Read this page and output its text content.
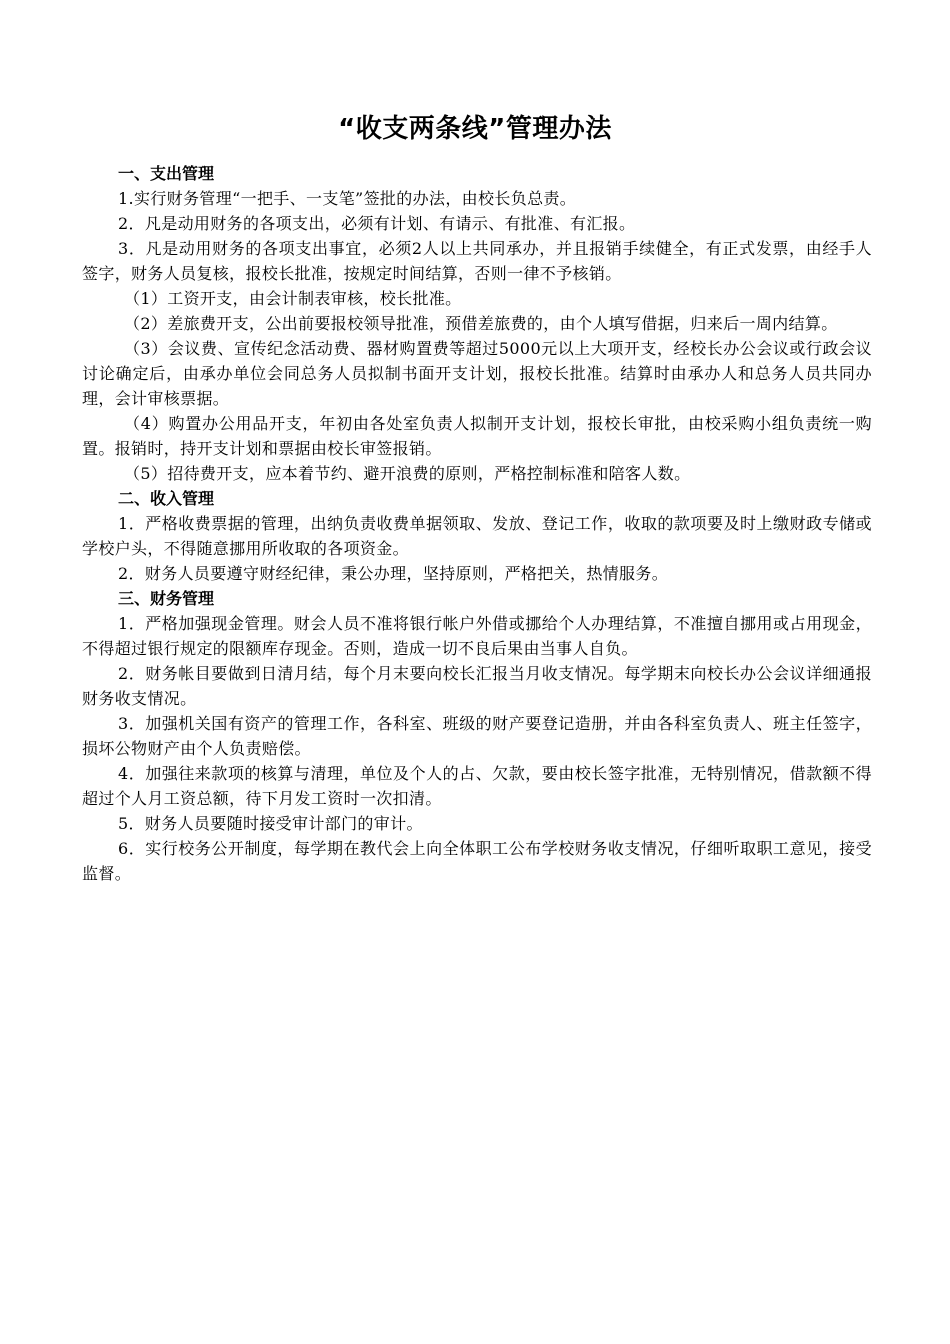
“收支两条线”管理办法

一、支出管理

1.实行财务管理“一把手、一支笔”签批的办法，由校长负总责。

2．凡是动用财务的各项支出，必须有计划、有请示、有批准、有汇报。

3．凡是动用财务的各项支出事宜，必须2人以上共同承办，并且报销手续健全，有正式发票，由经手人签字，财务人员复核，报校长批准，按规定时间结算，否则一律不予核销。

（1）工资开支，由会计制表审核，校长批准。

（2）差旅费开支，公出前要报校领导批准，预借差旅费的，由个人填写借据，归来后一周内结算。

（3）会议费、宣传纪念活动费、器材购置费等超过5000元以上大项开支，经校长办公会议或行政会议讨论确定后，由承办单位会同总务人员拟制书面开支计划，报校长批准。结算时由承办人和总务人员共同办理，会计审核票据。

（4）购置办公用品开支，年初由各处室负责人拟制开支计划，报校长审批，由校采购小组负责统一购置。报销时，持开支计划和票据由校长审签报销。

（5）招待费开支，应本着节约、避开浪费的原则，严格控制标准和陪客人数。

二、收入管理

1．严格收费票据的管理，出纳负责收费单据领取、发放、登记工作，收取的款项要及时上缴财政专储或学校户头，不得随意挪用所收取的各项资金。

2．财务人员要遵守财经纪律，秉公办理，坚持原则，严格把关，热情服务。

三、财务管理

1．严格加强现金管理。财会人员不准将银行帐户外借或挪给个人办理结算，不准擅自挪用或占用现金，不得超过银行规定的限额库存现金。否则，造成一切不良后果由当事人自负。

2．财务帐目要做到日清月结，每个月末要向校长汇报当月收支情况。每学期末向校长办公会议详细通报财务收支情况。

3．加强机关国有资产的管理工作，各科室、班级的财产要登记造册，并由各科室负责人、班主任签字，损坏公物财产由个人负责赔偿。

4．加强往来款项的核算与清理，单位及个人的占、欠款，要由校长签字批准，无特别情况，借款额不得超过个人月工资总额，待下月发工资时一次扣清。

5．财务人员要随时接受审计部门的审计。

6．实行校务公开制度，每学期在教代会上向全体职工公布学校财务收支情况，仔细听取职工意见，接受监督。
